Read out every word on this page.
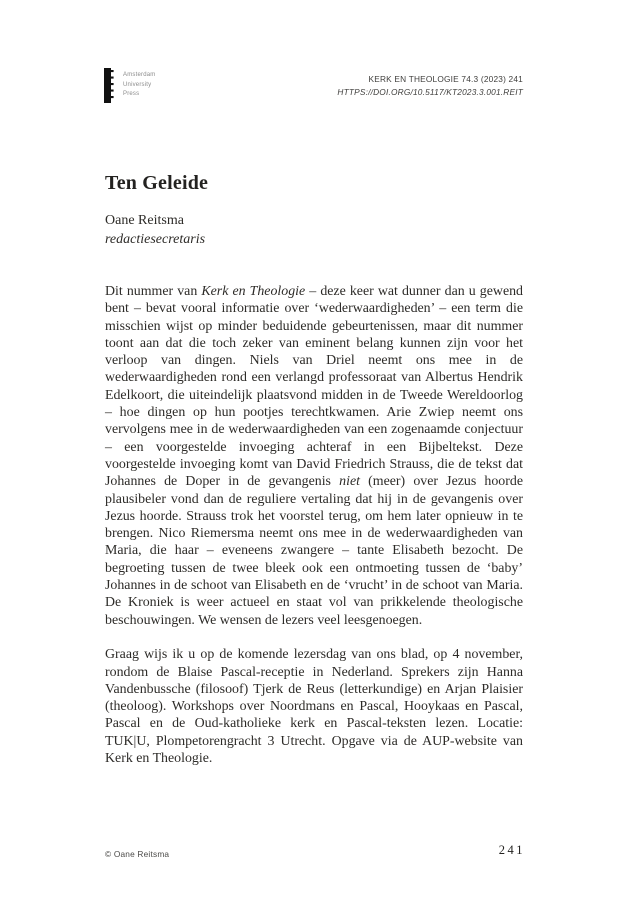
Amsterdam
University
Press
KERK EN THEOLOGIE 74.3 (2023) 241
HTTPS://DOI.ORG/10.5117/KT2023.3.001.REIT
Ten Geleide
Oane Reitsma
redactiesecretaris

Dit nummer van Kerk en Theologie – deze keer wat dunner dan u gewend bent – bevat vooral informatie over ‘wederwaardigheden’ – een term die misschien wijst op minder beduidende gebeurtenissen, maar dit nummer toont aan dat die toch zeker van eminent belang kunnen zijn voor het verloop van dingen. Niels van Driel neemt ons mee in de wederwaardigheden rond een verlangd professoraat van Albertus Hendrik Edelkoort, die uiteindelijk plaatsvond midden in de Tweede Wereldoorlog – hoe dingen op hun pootjes terechtkwamen. Arie Zwiep neemt ons vervolgens mee in de wederwaardigheden van een zogenaamde conjectuur – een voorgestelde invoeging achteraf in een Bijbeltekst. Deze voorgestelde invoeging komt van David Friedrich Strauss, die de tekst dat Johannes de Doper in de gevangenis niet (meer) over Jezus hoorde plausibeler vond dan de reguliere vertaling dat hij in de gevangenis over Jezus hoorde. Strauss trok het voorstel terug, om hem later opnieuw in te brengen. Nico Riemersma neemt ons mee in de wederwaardigheden van Maria, die haar – eveneens zwangere – tante Elisabeth bezocht. De begroeting tussen de twee bleek ook een ontmoeting tussen de ‘baby’ Johannes in de schoot van Elisabeth en de ‘vrucht’ in de schoot van Maria. De Kroniek is weer actueel en staat vol van prikkelende theologische beschouwingen. We wensen de lezers veel leesgenoegen.

Graag wijs ik u op de komende lezersdag van ons blad, op 4 november, rondom de Blaise Pascal-receptie in Nederland. Sprekers zijn Hanna Vandenbussche (filosoof) Tjerk de Reus (letterkundige) en Arjan Plaisier (theoloog). Workshops over Noordmans en Pascal, Hooykaas en Pascal, Pascal en de Oud-katholieke kerk en Pascal-teksten lezen. Locatie: TUK|U, Plompetorengracht 3 Utrecht. Opgave via de AUP-website van Kerk en Theologie.

© Oane Reitsma	241
